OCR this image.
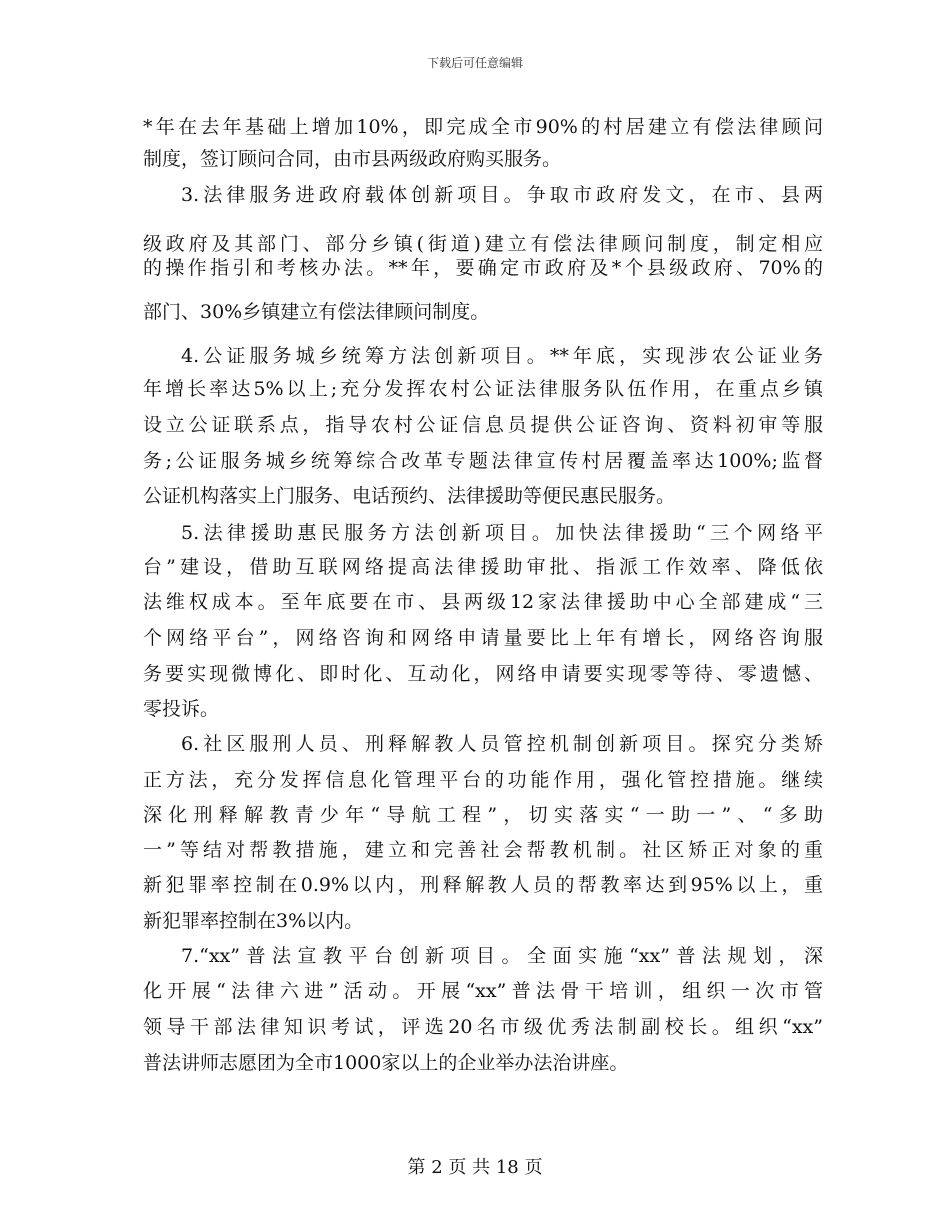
下载后可任意编辑
*年在去年基础上增加10%，即完成全市90%的村居建立有偿法律顾问
制度，签订顾问合同，由市县两级政府购买服务。
3.法律服务进政府载体创新项目。争取市政府发文，在市、县两
级政府及其部门、部分乡镇(街道)建立有偿法律顾问制度，制定相应
的操作指引和考核办法。**年，要确定市政府及*个县级政府、70%的
部门、30%乡镇建立有偿法律顾问制度。
4.公证服务城乡统筹方法创新项目。**年底，实现涉农公证业务
年增长率达5%以上;充分发挥农村公证法律服务队伍作用，在重点乡镇
设立公证联系点，指导农村公证信息员提供公证咨询、资料初审等服
务;公证服务城乡统筹综合改革专题法律宣传村居覆盖率达100%;监督
公证机构落实上门服务、电话预约、法律援助等便民惠民服务。
5.法律援助惠民服务方法创新项目。加快法律援助“三个网络平
台”建设，借助互联网络提高法律援助审批、指派工作效率、降低依
法维权成本。至年底要在市、县两级12家法律援助中心全部建成“三
个网络平台”，网络咨询和网络申请量要比上年有增长，网络咨询服
务要实现微博化、即时化、互动化，网络申请要实现零等待、零遗憾、
零投诉。
6.社区服刑人员、刑释解教人员管控机制创新项目。探究分类矫
正方法，充分发挥信息化管理平台的功能作用，强化管控措施。继续
深化刑释解教青少年“导航工程”，切实落实“一助一”、“多助
一”等结对帮教措施，建立和完善社会帮教机制。社区矫正对象的重
新犯罪率控制在0.9%以内，刑释解教人员的帮教率达到95%以上，重
新犯罪率控制在3%以内。
7.“xx”普法宣教平台创新项目。全面实施“xx”普法规划，深
化开展“法律六进”活动。开展“xx”普法骨干培训，组织一次市管
领导干部法律知识考试，评选20名市级优秀法制副校长。组织“xx”
普法讲师志愿团为全市1000家以上的企业举办法治讲座。
第 2 页 共 18 页
